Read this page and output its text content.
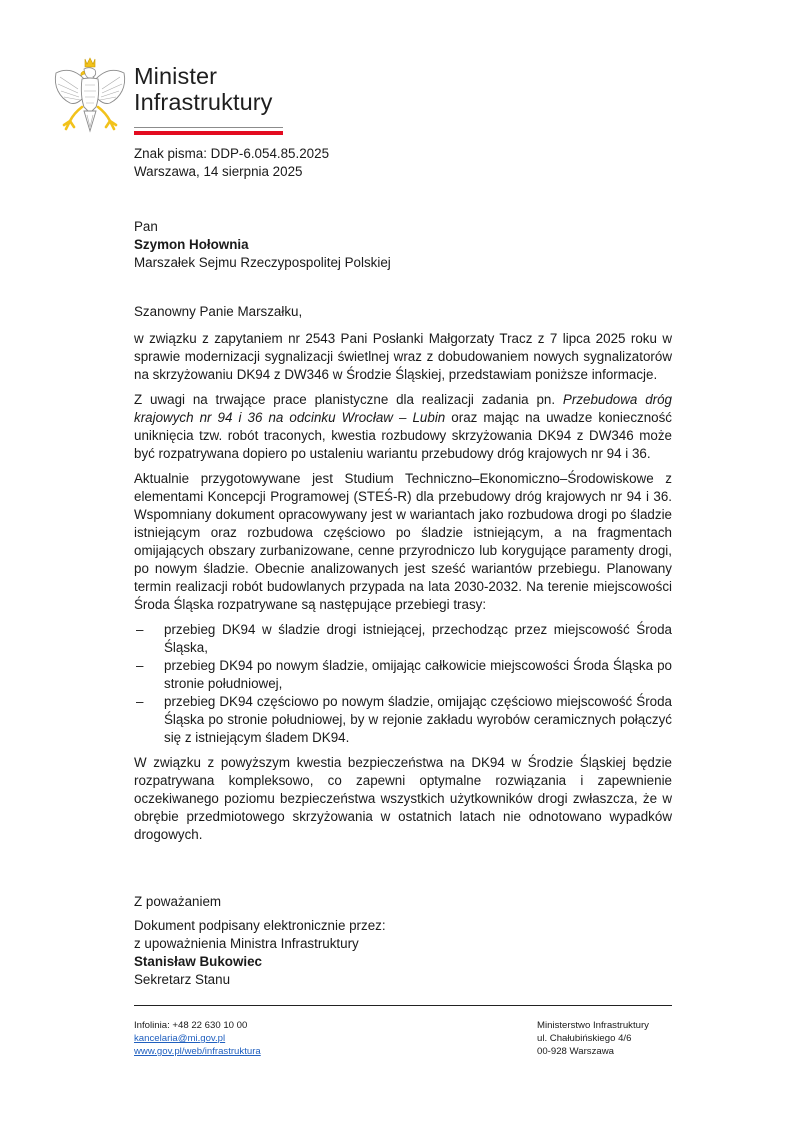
Minister
Infrastruktury
Znak pisma: DDP-6.054.85.2025
Warszawa, 14 sierpnia 2025
Pan
Szymon Hołownia
Marszałek Sejmu Rzeczypospolitej Polskiej
Szanowny Panie Marszałku,

w związku z zapytaniem nr 2543 Pani Posłanki Małgorzaty Tracz z 7 lipca 2025 roku w sprawie modernizacji sygnalizacji świetlnej wraz z dobudowaniem nowych sygnalizatorów na skrzyżowaniu DK94 z DW346 w Środzie Śląskiej, przedstawiam poniższe informacje.

Z uwagi na trwające prace planistyczne dla realizacji zadania pn. Przebudowa dróg krajowych nr 94 i 36 na odcinku Wrocław – Lubin oraz mając na uwadze konieczność uniknięcia tzw. robót traconych, kwestia rozbudowy skrzyżowania DK94 z DW346 może być rozpatrywana dopiero po ustaleniu wariantu przebudowy dróg krajowych nr 94 i 36.

Aktualnie przygotowywane jest Studium Techniczno–Ekonomiczno–Środowiskowe z elementami Koncepcji Programowej (STEŚ-R) dla przebudowy dróg krajowych nr 94 i 36. Wspomniany dokument opracowywany jest w wariantach jako rozbudowa drogi po śladzie istniejącym oraz rozbudowa częściowo po śladzie istniejącym, a na fragmentach omijających obszary zurbanizowane, cenne przyrodniczo lub korygujące paramenty drogi, po nowym śladzie. Obecnie analizowanych jest sześć wariantów przebiegu. Planowany termin realizacji robót budowlanych przypada na lata 2030-2032. Na terenie miejscowości Środa Śląska rozpatrywane są następujące przebiegi trasy:

– przebieg DK94 w śladzie drogi istniejącej, przechodząc przez miejscowość Środa Śląska,
– przebieg DK94 po nowym śladzie, omijając całkowicie miejscowości Środa Śląska po stronie południowej,
– przebieg DK94 częściowo po nowym śladzie, omijając częściowo miejscowość Środa Śląska po stronie południowej, by w rejonie zakładu wyrobów ceramicznych połączyć się z istniejącym śladem DK94.

W związku z powyższym kwestia bezpieczeństwa na DK94 w Środzie Śląskiej będzie rozpatrywana kompleksowo, co zapewni optymalne rozwiązania i zapewnienie oczekiwanego poziomu bezpieczeństwa wszystkich użytkowników drogi zwłaszcza, że w obrębie przedmiotowego skrzyżowania w ostatnich latach nie odnotowano wypadków drogowych.

Z poważaniem
Dokument podpisany elektronicznie przez:
z upoważnienia Ministra Infrastruktury
Stanisław Bukowiec
Sekretarz Stanu
Infolinia: +48 22 630 10 00
kancelaria@mi.gov.pl
www.gov.pl/web/infrastruktura
Ministerstwo Infrastruktury
ul. Chałubińskiego 4/6
00-928 Warszawa
